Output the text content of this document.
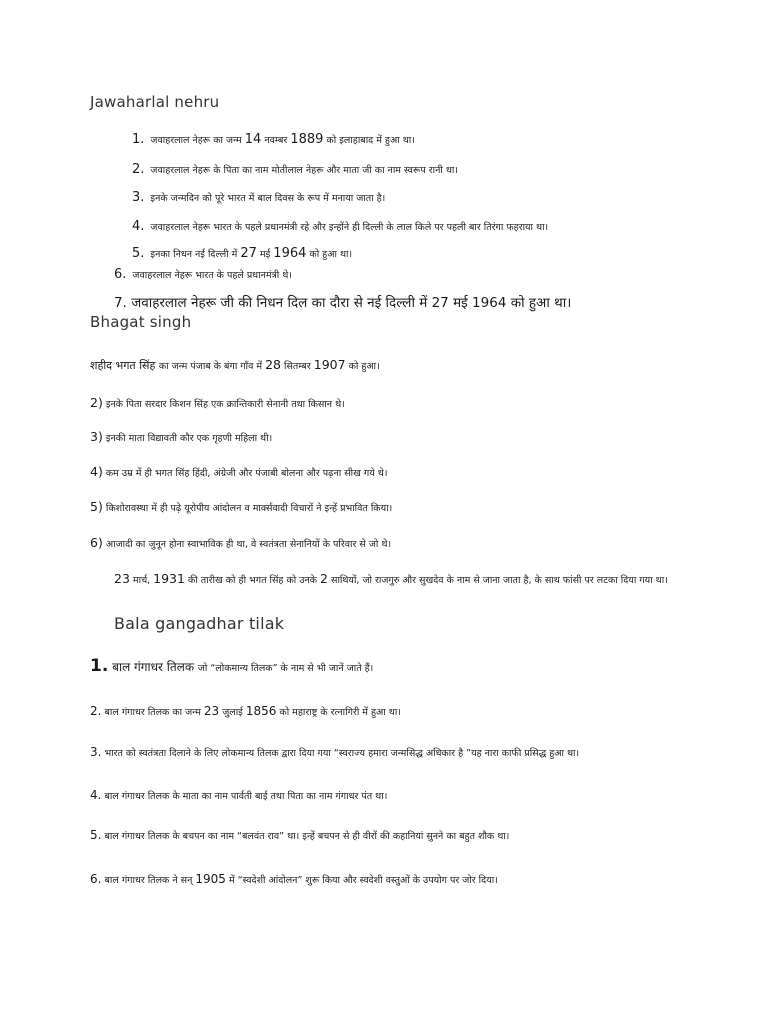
Jawaharlal nehru
1. जवाहरलाल नेहरू का जन्म 14 नवम्बर 1889 को इलाहाबाद में हुआ था।
2. जवाहरलाल नेहरू के पिता का नाम मोतीलाल नेहरू और माता जी का नाम स्वरूप रानी था।
3. इनके जन्मदिन को पूरे भारत में बाल दिवस के रूप में मनाया जाता है।
4. जवाहरलाल नेहरू भारत के पहले प्रधानमंत्री रहे और इन्होंने ही दिल्ली के लाल किले पर पहली बार तिरंगा फहराया था।
5. इनका निधन नई दिल्ली में 27 मई 1964 को हुआ था।
6. जवाहरलाल नेहरू भारत के पहले प्रधानमंत्री थे।
7. जवाहरलाल नेहरू जी की निधन दिल का दौरा से नई दिल्ली में 27 मई 1964 को हुआ था।
Bhagat singh
शहीद भगत सिंह का जन्म पंजाब के बंगा गाँव में 28 सितम्बर 1907 को हुआ।
2) इनके पिता सरदार किशन सिंह एक क्रान्तिकारी सेनानी तथा किसान थे।
3) इनकी माता विद्यावती कौर एक गृहणी महिला थी।
4) कम उम्र में ही भगत सिंह हिंदी, अंग्रेजी और पंजाबी बोलना और पढ़ना सीख गये थे।
5) किशोरावस्था में ही पढ़े यूरोपीय आंदोलन व मार्क्सवादी विचारों ने इन्हें प्रभावित किया।
6) आजादी का जुनून होना स्वाभाविक ही था, वे स्वतंत्रता सेनानियों के परिवार से जो थे।
23 मार्च, 1931 की तारीख को ही भगत सिंह को उनके 2 साथियों, जो राजगुरु और सुखदेव के नाम से जाना जाता है, के साथ फांसी पर लटका दिया गया था।
Bala gangadhar tilak
1. बाल गंगाधर तिलक जो “लोकमान्य तिलक” के नाम से भी जानें जाते हैं।
2. बाल गंगाधर तिलक का जन्म 23 जुलाई 1856 को महाराष्ट्र के रत्नागिरी में हुआ था।
3. भारत को स्वतंत्रता दिलाने के लिए लोकमान्य तिलक द्वारा दिया गया “स्वराज्य हमारा जन्मसिद्ध अधिकार है ”यह नारा काफी प्रसिद्ध हुआ था।
4. बाल गंगाधर तिलक के माता का नाम पार्वती बाई तथा पिता का नाम गंगाधर पंत था।
5. बाल गंगाधर तिलक के बचपन का नाम “बलवंत राव” था। इन्हें बचपन से ही वीरों की कहानियां सुनने का बहुत शौक था।
6. बाल गंगाधर तिलक ने सन् 1905 में “स्वदेशी आंदोलन” शुरू किया और स्वदेशी वस्तुओं के उपयोग पर जोर दिया।
